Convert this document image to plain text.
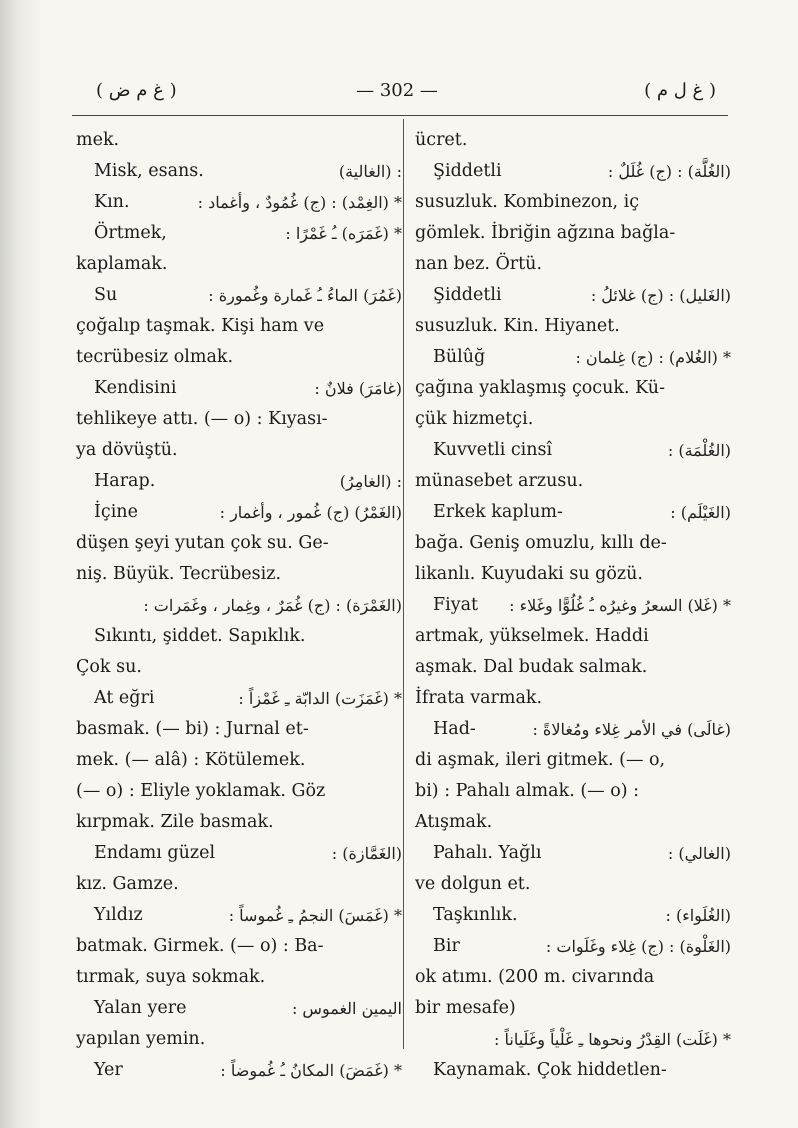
( غ م ض )	— 302 —	( غ ل م )
mek.
Misk, esans.	: (الغالية)
Kın.	* (الغِمْد) : (ج) غُمُودٌ ، وأغماد :
Örtmek,	* (غَمَرَه) ـُ غَمْرًا :
kaplamak.
Su	(غَمُرَ) الماءُ ـُ غَمارة وغُمورة :
çoğalıp taşmak. Kişi ham ve
tecrübesiz olmak.
Kendisini	(غامَرَ) فلانٌ :
tehlikeye attı. (— o) : Kıyası-
ya dövüştü.
Harap.	: (الغامِرُ)
İçine	(الغَمْرُ) (ج) غُمور ، وأغمار :
düşen şeyi yutan çok su. Ge-
niş. Büyük. Tecrübesiz.
(الغَمْرَة) : (ج) غُمَرٌ ، وغِمار ، وغَمَرات :
Sıkıntı, şiddet. Sapıklık.
Çok su.
At eğri	* (غَمَزَت) الدابّة ـِ غَمْزاً :
basmak. (— bi) : Jurnal et-
mek. (— alâ) : Kötülemek.
(— o) : Eliyle yoklamak. Göz
kırpmak. Zile basmak.
Endamı güzel	(الغَمَّازة) :
kız. Gamze.
Yıldız	* (غَمَسَ) النجمُ ـِ غُموساً :
batmak. Girmek. (— o) : Ba-
tırmak, suya sokmak.
Yalan yere	اليمين الغموس :
yapılan yemin.
Yer	* (غَمَضَ) المكانُ ـُ غُموضاً :
ücret.
Şiddetli	(الغُلَّة) : (ج) غُلَلٌ :
susuzluk. Kombinezon, iç
gömlek. İbriğin ağzına bağla-
nan bez. Örtü.
Şiddetli	(الغَليل) : (ج) غلائلُ :
susuzluk. Kin. Hiyanet.
Bülûğ	* (الغُلام) : (ج) غِلمان :
çağına yaklaşmış çocuk. Kü-
çük hizmetçi.
Kuvvetli cinsî	(الغُلْمَة) :
münasebet arzusu.
Erkek kaplum-	(الغَيْلَم) :
bağa. Geniş omuzlu, kıllı de-
likanlı. Kuyudaki su gözü.
Fiyat * (غَلا) السعرُ وغيرُه ـُ غُلُوًّا وغَلاء :
artmak, yükselmek. Haddi
aşmak. Dal budak salmak.
İfrata varmak.
Had-	(غالَى) في الأمر غِلاء ومُغالاةً :
di aşmak, ileri gitmek. (— o,
bi) : Pahalı almak. (— o) :
Atışmak.
Pahalı. Yağlı	(الغالي) :
ve dolgun et.
Taşkınlık.	(الغُلَواء) :
Bir	(الغَلْوة) : (ج) غِلاء وغَلَوات :
ok atımı. (200 m. civarında
bir mesafe)
* (غَلَت) القِدْرُ ونحوها ـِ غَلْياً وغَلَياناً :
Kaynamak. Çok hiddetlen-
